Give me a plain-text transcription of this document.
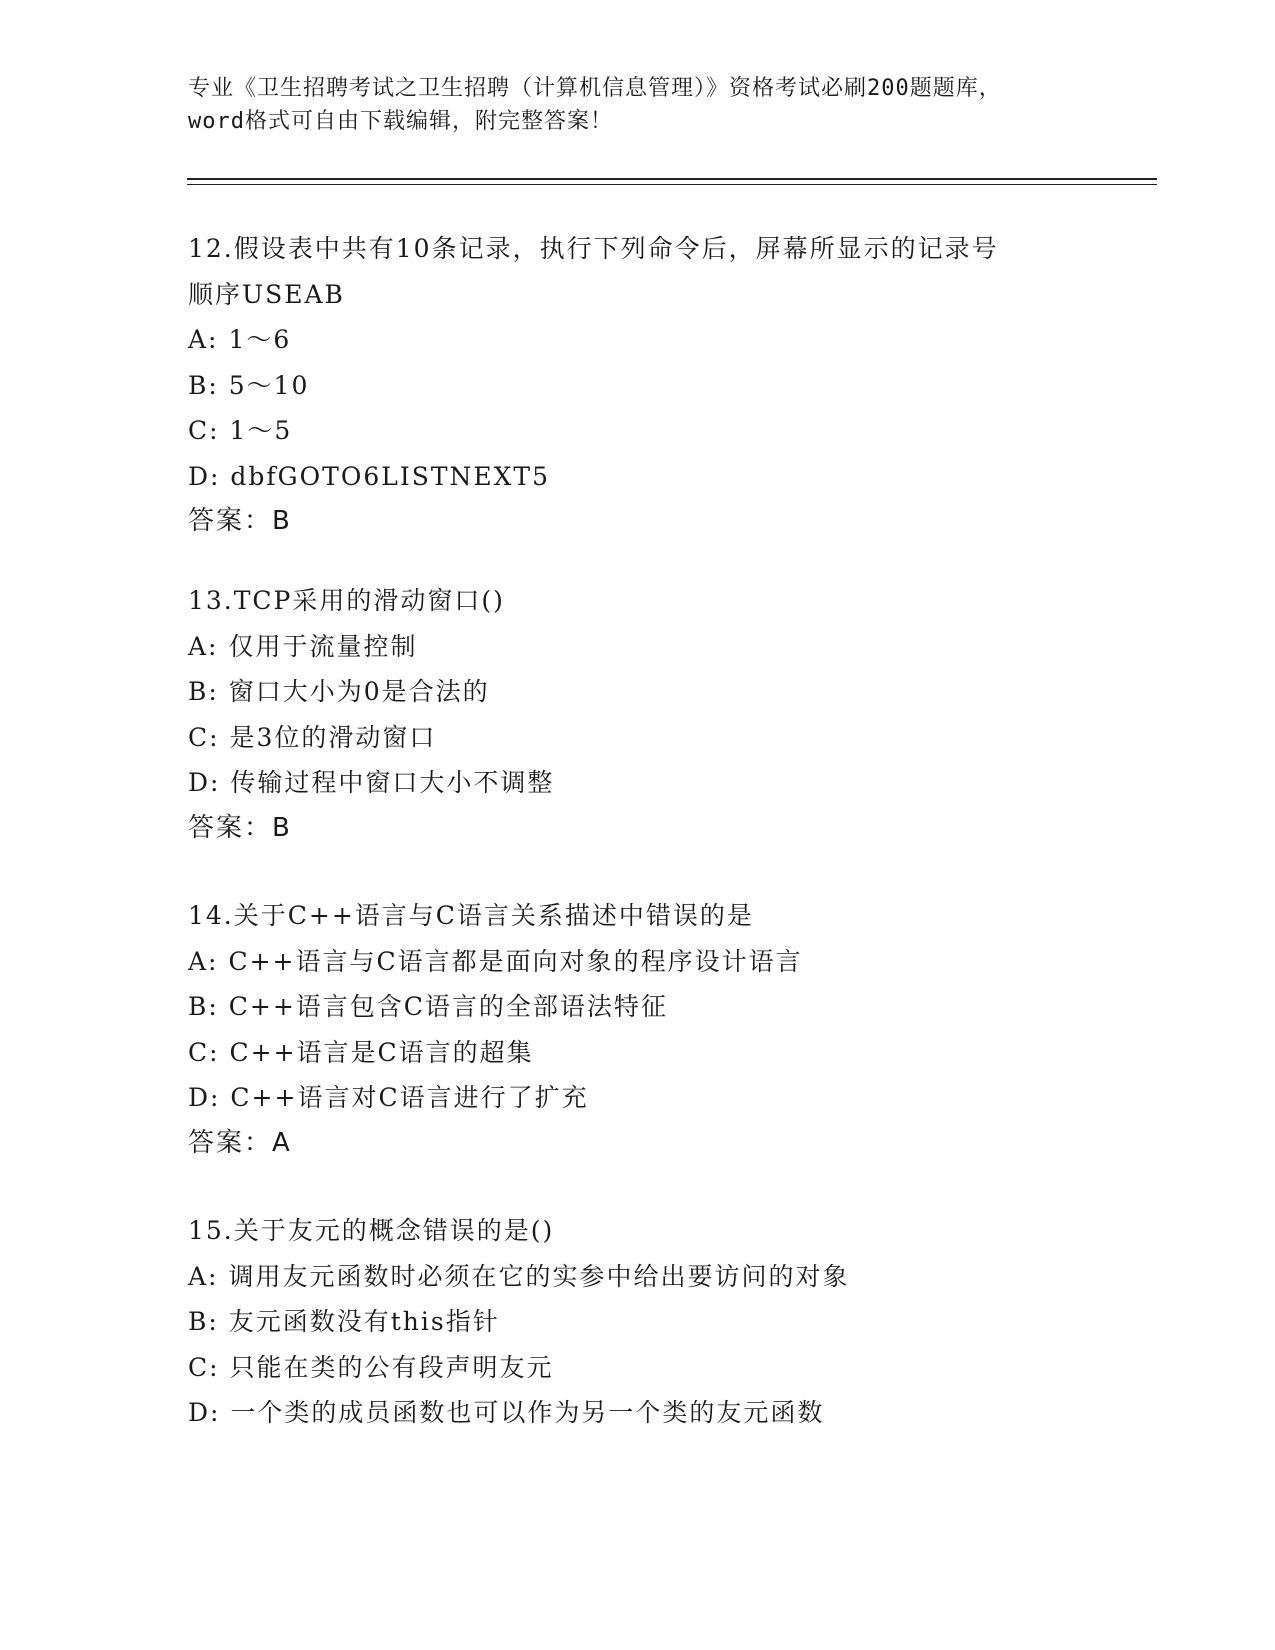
专业《卫生招聘考试之卫生招聘（计算机信息管理）》资格考试必刷200题题库，
word格式可自由下载编辑，附完整答案！
12.假设表中共有10条记录，执行下列命令后，屏幕所显示的记录号
顺序USEAB
A: 1～6
B: 5～10
C: 1～5
D: dbfGOTO6LISTNEXT5
答案：B
13.TCP采用的滑动窗口()
A: 仅用于流量控制
B: 窗口大小为0是合法的
C: 是3位的滑动窗口
D: 传输过程中窗口大小不调整
答案：B
14.关于C++语言与C语言关系描述中错误的是
A: C++语言与C语言都是面向对象的程序设计语言
B: C++语言包含C语言的全部语法特征
C: C++语言是C语言的超集
D: C++语言对C语言进行了扩充
答案：A
15.关于友元的概念错误的是()
A: 调用友元函数时必须在它的实参中给出要访问的对象
B: 友元函数没有this指针
C: 只能在类的公有段声明友元
D: 一个类的成员函数也可以作为另一个类的友元函数
